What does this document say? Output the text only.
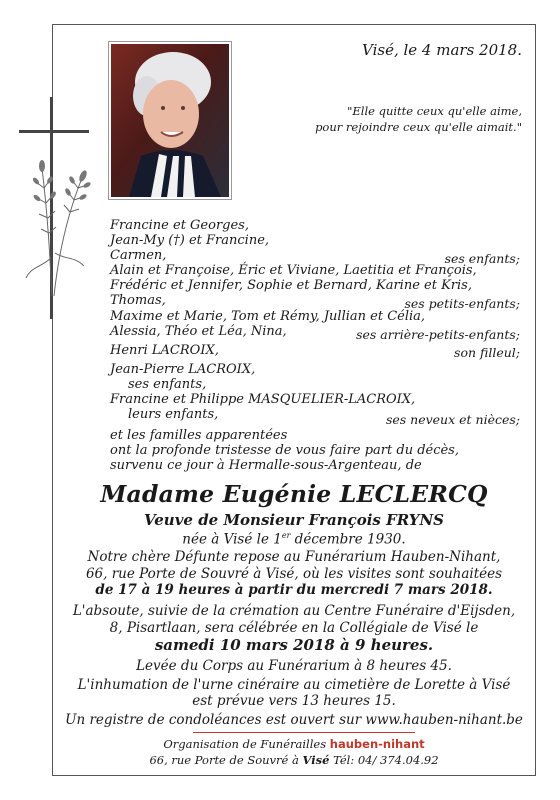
Visé, le 4 mars 2018.
"Elle quitte ceux qu'elle aime,
pour rejoindre ceux qu'elle aimait."
Francine et Georges,
Jean-My (†) et Francine,
Carmen,	ses enfants;
Alain et Françoise, Éric et Viviane, Laetitia et François,
Frédéric et Jennifer, Sophie et Bernard, Karine et Kris,
Thomas,	ses petits-enfants;
Maxime et Marie, Tom et Rémy, Jullian et Célia,
Alessia, Théo et Léa, Nina,	ses arrière-petits-enfants;
Henri LACROIX,	son filleul;
Jean-Pierre LACROIX,
ses enfants,
Francine et Philippe MASQUELIER-LACROIX,
leurs enfants,	ses neveux et nièces;
et les familles apparentées
ont la profonde tristesse de vous faire part du décès,
survenu ce jour à Hermalle-sous-Argenteau, de
Madame Eugénie LECLERCQ
Veuve de Monsieur François FRYNS
née à Visé le 1er décembre 1930.
Notre chère Défunte repose au Funérarium Hauben-Nihant,
66, rue Porte de Souvré à Visé, où les visites sont souhaitées
de 17 à 19 heures à partir du mercredi 7 mars 2018.
L'absoute, suivie de la crémation au Centre Funéraire d'Eijsden,
8, Pisartlaan, sera célébrée en la Collégiale de Visé le
samedi 10 mars 2018 à 9 heures.
Levée du Corps au Funérarium à 8 heures 45.
L'inhumation de l'urne cinéraire au cimetière de Lorette à Visé
est prévue vers 13 heures 15.
Un registre de condoléances est ouvert sur www.hauben-nihant.be
Organisation de Funérailles hauben-nihant
66, rue Porte de Souvré à Visé Tél: 04/ 374.04.92
